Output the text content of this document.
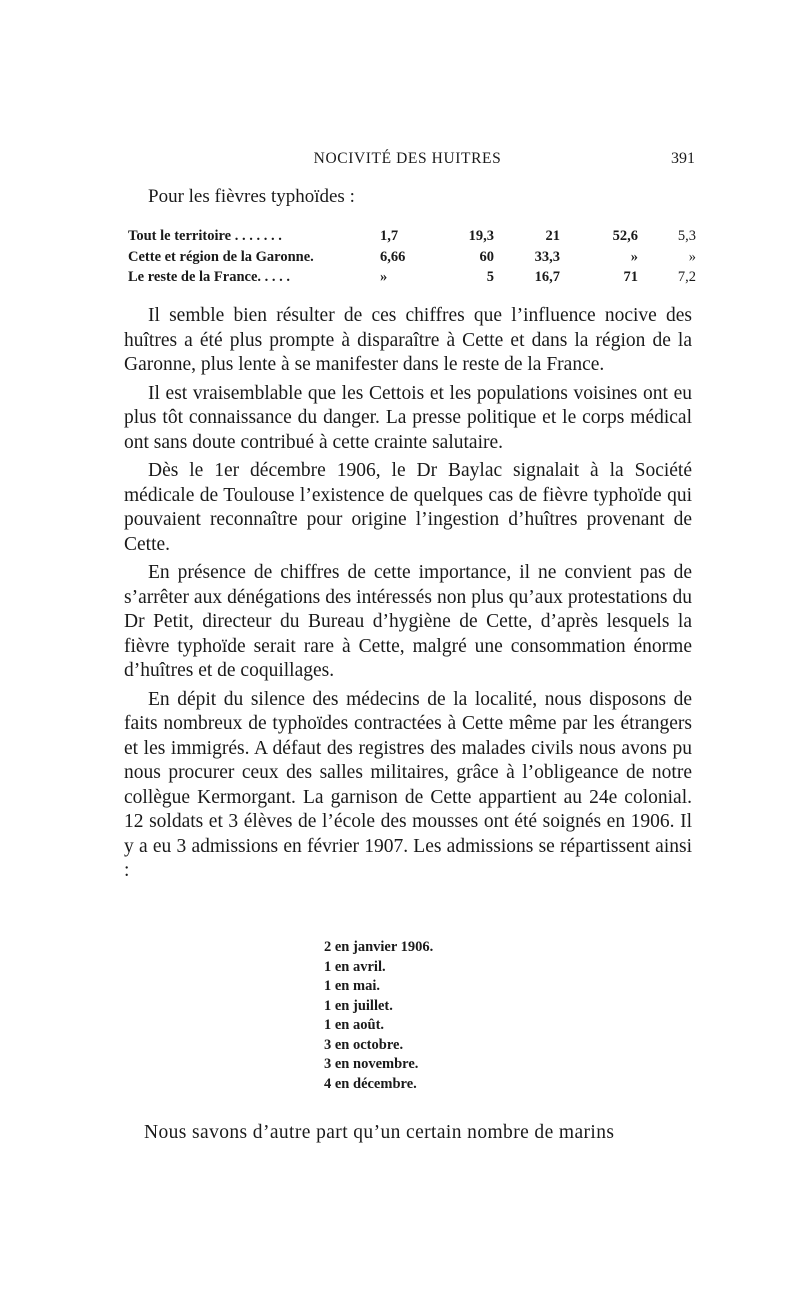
NOCIVITÉ DES HUITRES	391
Pour les fièvres typhoïdes :
Tout le territoire . . . . . . .	1,7	19,3	21	52,6	5,3
Cette et région de la Garonne.	6,66	60	33,3	»	»
Le reste de la France. . . . .	»	5	16,7	71	7,2

Il semble bien résulter de ces chiffres que l’influence nocive des huîtres a été plus prompte à disparaître à Cette et dans la région de la Garonne, plus lente à se manifester dans le reste de la France.

Il est vraisemblable que les Cettois et les populations voisines ont eu plus tôt connaissance du danger. La presse politique et le corps médical ont sans doute contribué à cette crainte salutaire.

Dès le 1er décembre 1906, le Dr Baylac signalait à la Société médicale de Toulouse l’existence de quelques cas de fièvre typhoïde qui pouvaient reconnaître pour origine l’ingestion d’huîtres provenant de Cette.

En présence de chiffres de cette importance, il ne convient pas de s’arrêter aux dénégations des intéressés non plus qu’aux protestations du Dr Petit, directeur du Bureau d’hygiène de Cette, d’après lesquels la fièvre typhoïde serait rare à Cette, malgré une consommation énorme d’huîtres et de coquillages.

En dépit du silence des médecins de la localité, nous disposons de faits nombreux de typhoïdes contractées à Cette même par les étrangers et les immigrés. A défaut des registres des malades civils nous avons pu nous procurer ceux des salles militaires, grâce à l’obligeance de notre collègue Kermorgant. La garnison de Cette appartient au 24e colonial. 12 soldats et 3 élèves de l’école des mousses ont été soignés en 1906. Il y a eu 3 admissions en février 1907. Les admissions se répartissent ainsi :

2 en janvier 1906.
1 en avril.
1 en mai.
1 en juillet.
1 en août.
3 en octobre.
3 en novembre.
4 en décembre.
Nous savons d’autre part qu’un certain nombre de marins
